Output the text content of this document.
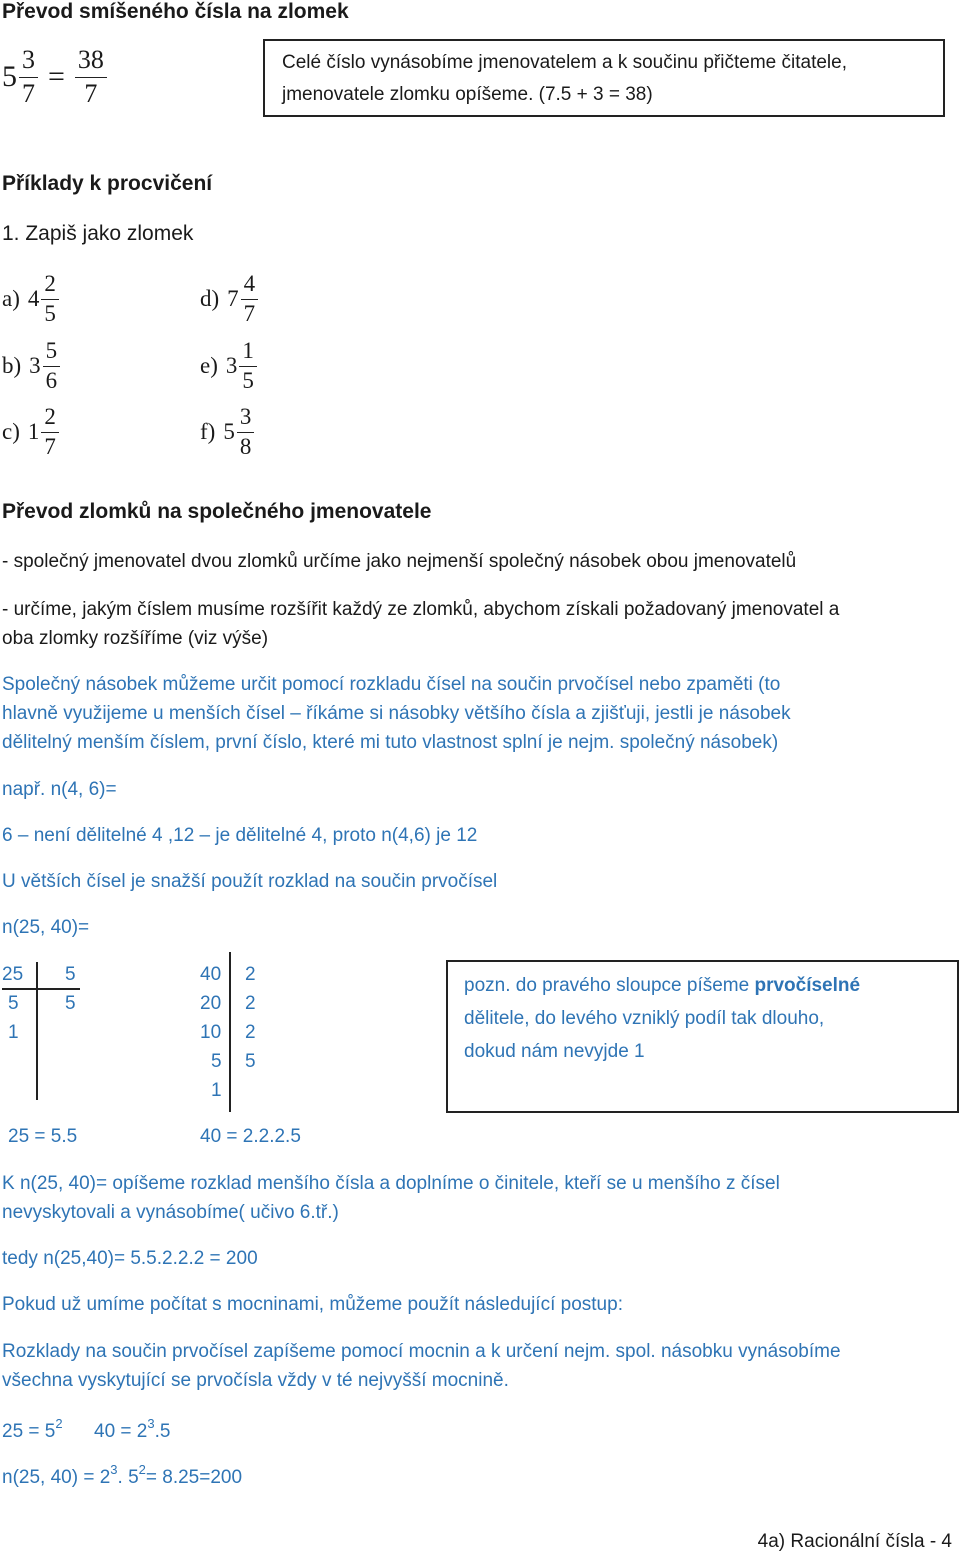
Převod smíšeného čísla na zlomek
$5 \frac{3}{7} = \frac{38}{7}$	Celé číslo vynásobíme jmenovatelem a k součinu přičteme čitatele,
jmenovatele zlomku opíšeme. (7.5 + 3 = 38)
Příklady k procvičení
1. Zapiš jako zlomek
a) $4 \frac{2}{5}$
b) $3 \frac{5}{6}$
c) $1 \frac{2}{7}$
d) $7 \frac{4}{7}$
e) $3 \frac{1}{5}$
f) $5 \frac{3}{8}$
Převod zlomků na společného jmenovatele
- společný jmenovatel dvou zlomků určíme jako nejmenší společný násobek obou jmenovatelů
- určíme, jakým číslem musíme rozšířit každý ze zlomků, abychom získali požadovaný jmenovatel a
oba zlomky rozšíříme (viz výše)
Společný násobek můžeme určit pomocí rozkladu čísel na součin prvočísel nebo zpaměti (to
hlavně využijeme u menších čísel – říkáme si násobky většího čísla a zjišťuji, jestli je násobek
dělitelný menším číslem, první číslo, které mi tuto vlastnost splní je nejm. společný násobek)
např. n(4, 6)=
6 – není dělitelné 4 ,12 – je dělitelné 4, proto n(4,6) je 12
U větších čísel je snažší použít rozklad na součin prvočísel
n(25, 40)=
25 5
5 5
1
40 2
20 2
10 2
5 5
1
25 = 5.5	40 = 2.2.2.5
pozn. do pravého sloupce píšeme prvočíselné
dělitele, do levého vzniklý podíl tak dlouho,
dokud nám nevyjde 1
K n(25, 40)= opíšeme rozklad menšího čísla a doplníme o činitele, kteří se u menšího z čísel
nevyskytovali a vynásobíme( učivo 6.tř.)
tedy n(25,40)= 5.5.2.2.2 = 200
Pokud už umíme počítat s mocninami, můžeme použít následující postup:
Rozklady na součin prvočísel zapíšeme pomocí mocnin a k určení nejm. spol. násobku vynásobíme
všechna vyskytující se prvočísla vždy v té nejvyšší mocnině.
$25 = 5^2$ $40 = 2^3.5$
n(25, $40) = 2^3$. $5^2= 8.25=200$
4a) Racionální čísla - 4
